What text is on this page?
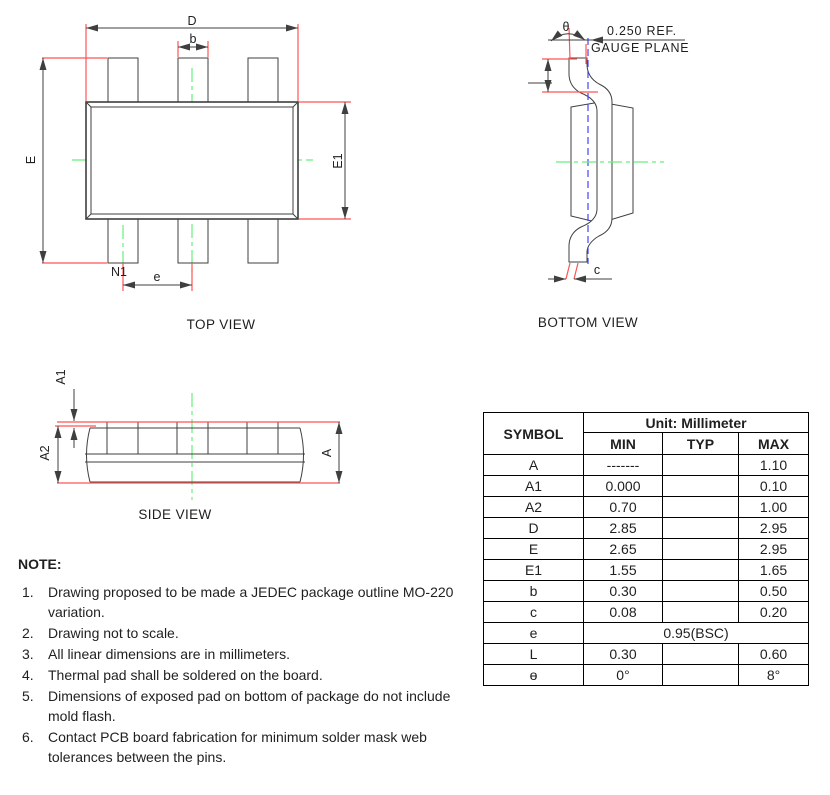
D
b
E	E1
e
N1
TOP VIEW
θ	0.250 REF.
GAUGE PLANE
c
BOTTOM VIEW
A1
A2	A
SIDE VIEW
SYMBOL	Unit: Millimeter		
	MIN	TYP	MAX
A	-------		1.10
A1	0.000		0.10
A2	0.70		1.00
D	2.85		2.95
E	2.65		2.95
E1	1.55		1.65
b	0.30		0.50
c	0.08		0.20
e	0.95(BSC)		
L	0.30		0.60
ɵ	0°		8°
NOTE:
1.	Drawing proposed to be made a JEDEC package outline MO-220 variation.
2.	Drawing not to scale.
3.	All linear dimensions are in millimeters.
4.	Thermal pad shall be soldered on the board.
5.	Dimensions of exposed pad on bottom of package do not include mold flash.
6.	Contact PCB board fabrication for minimum solder mask web tolerances between the pins.
